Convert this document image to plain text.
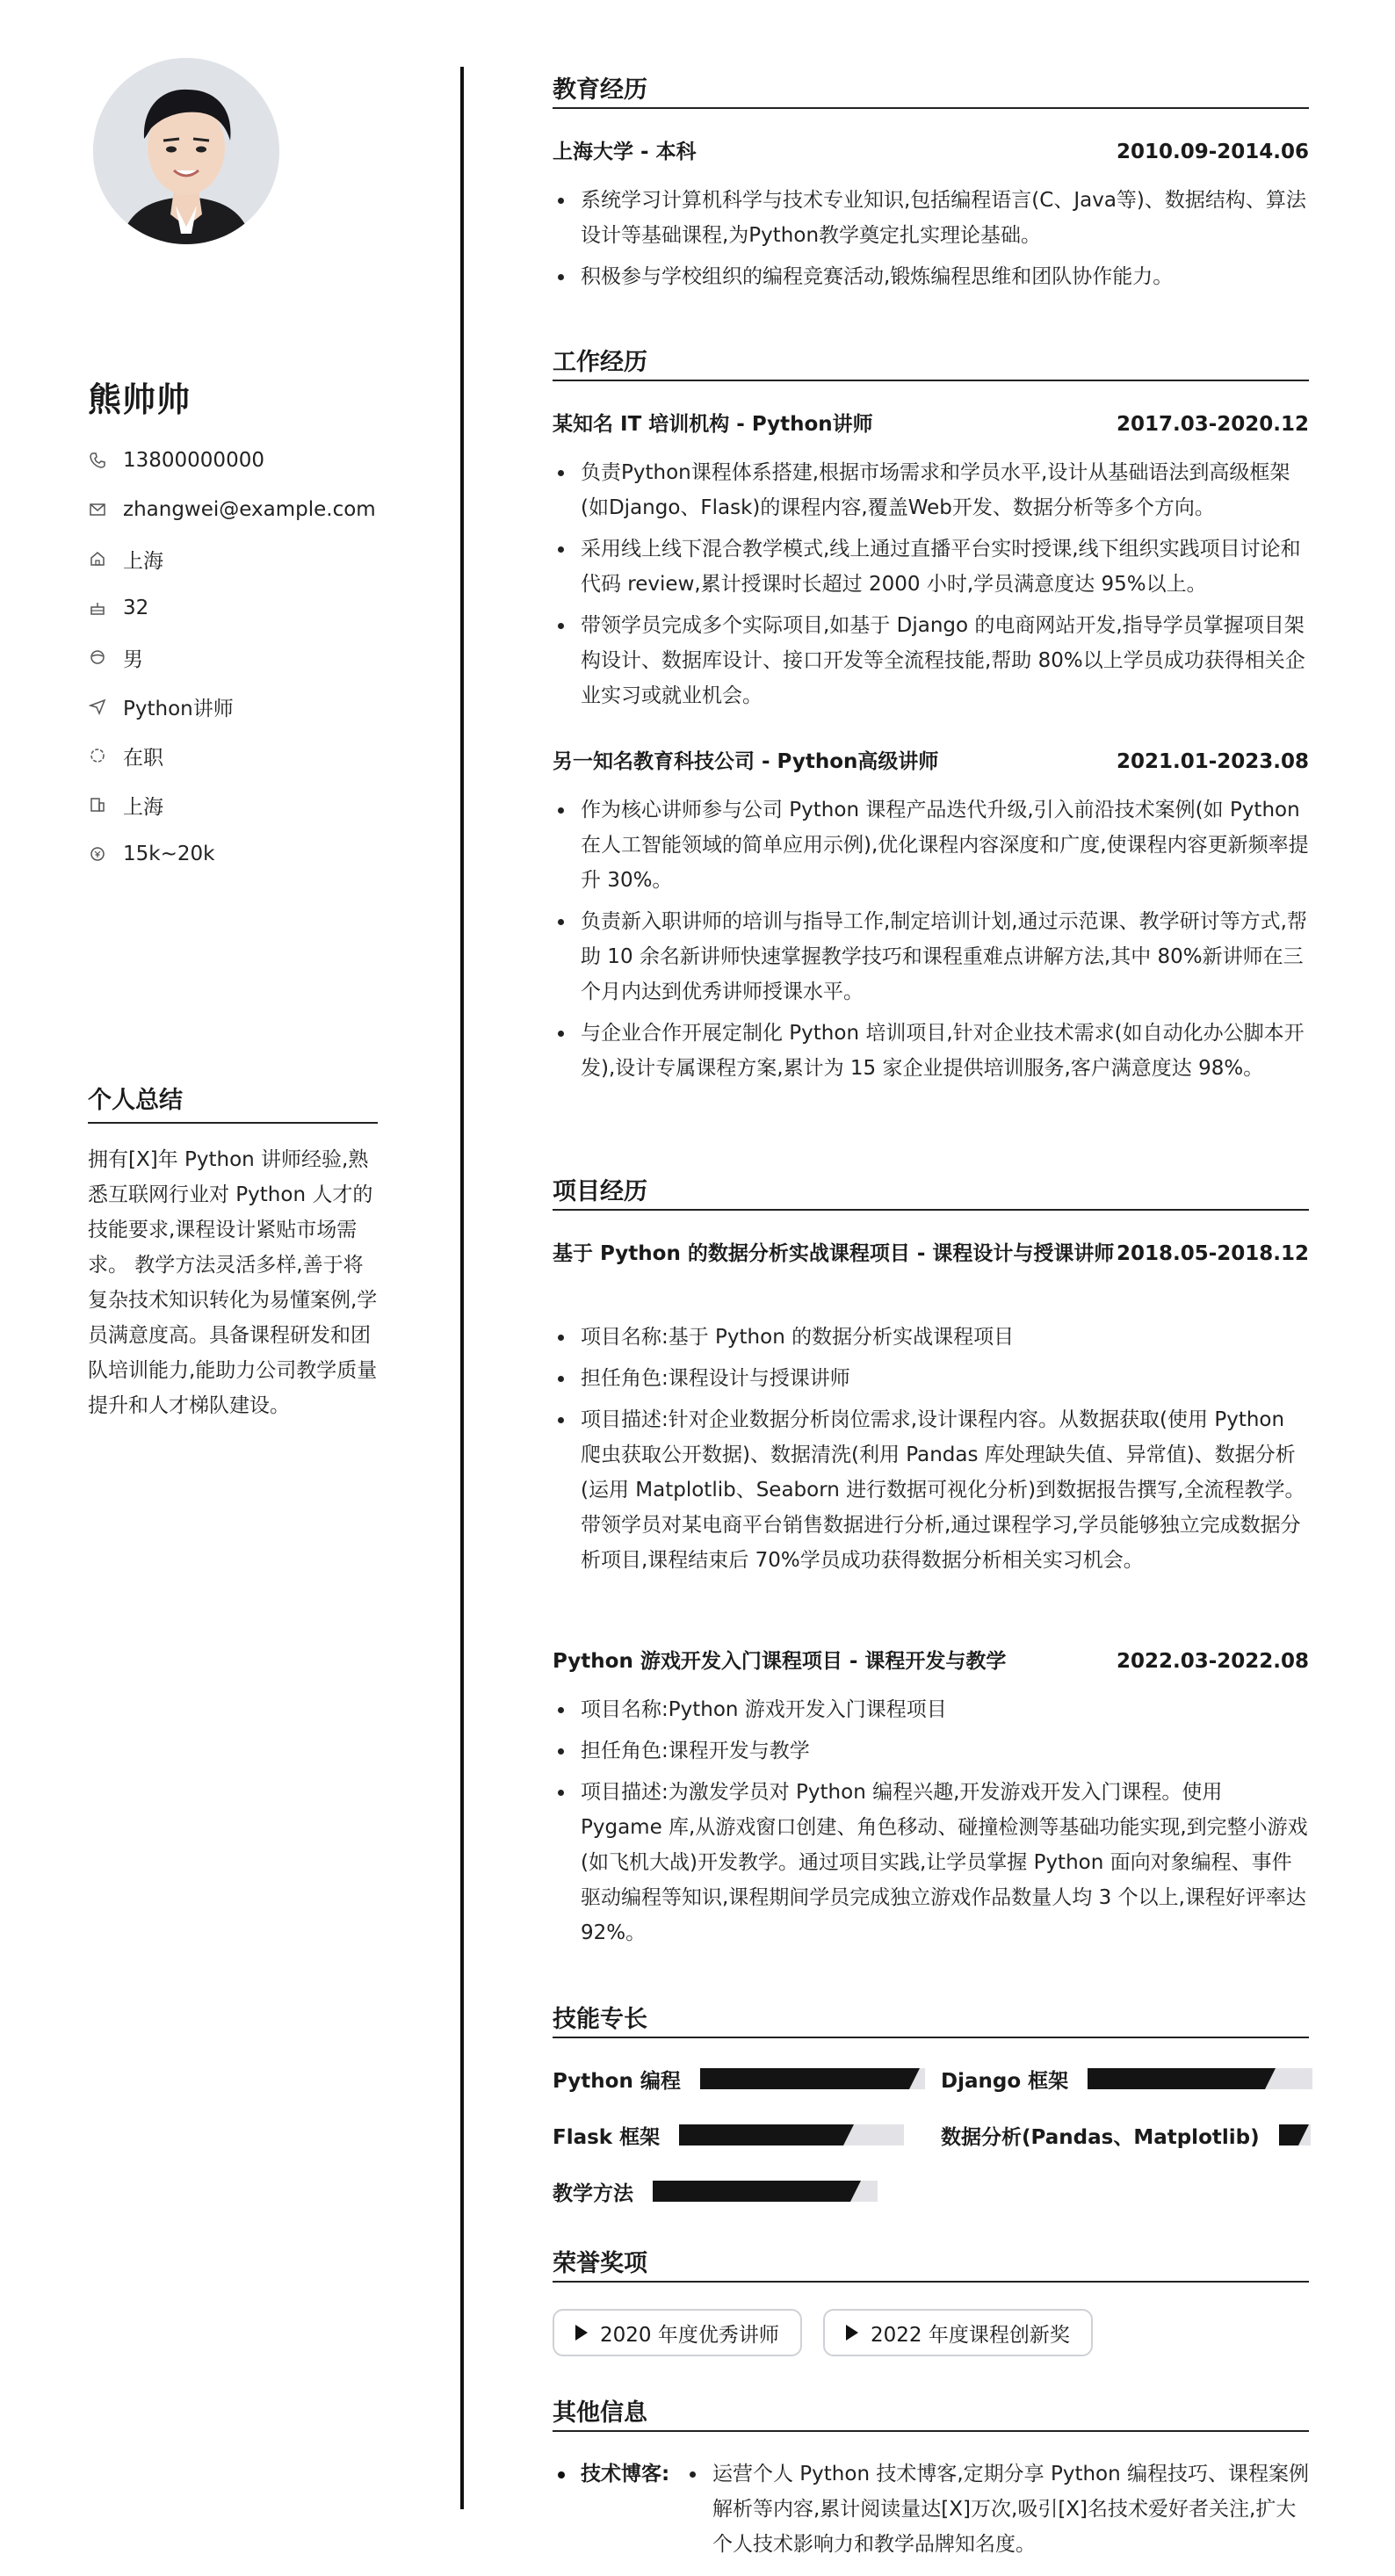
熊帅帅
13800000000
zhangwei@example.com
上海
32
男
Python讲师
在职
上海
15k~20k
个人总结
拥有[X]年 Python 讲师经验,熟悉互联网行业对 Python 人才的技能要求,课程设计紧贴市场需求。 教学方法灵活多样,善于将复杂技术知识转化为易懂案例,学员满意度高。具备课程研发和团队培训能力,能助力公司教学质量提升和人才梯队建设。
教育经历
上海大学 - 本科	2010.09-2014.06
系统学习计算机科学与技术专业知识,包括编程语言(C、Java等)、数据结构、算法设计等基础课程,为Python教学奠定扎实理论基础。
积极参与学校组织的编程竞赛活动,锻炼编程思维和团队协作能力。
工作经历
某知名 IT 培训机构 - Python讲师	2017.03-2020.12
负责Python课程体系搭建,根据市场需求和学员水平,设计从基础语法到高级框架(如Django、Flask)的课程内容,覆盖Web开发、数据分析等多个方向。
采用线上线下混合教学模式,线上通过直播平台实时授课,线下组织实践项目讨论和代码 review,累计授课时长超过 2000 小时,学员满意度达 95%以上。
带领学员完成多个实际项目,如基于 Django 的电商网站开发,指导学员掌握项目架构设计、数据库设计、接口开发等全流程技能,帮助 80%以上学员成功获得相关企业实习或就业机会。
另一知名教育科技公司 - Python高级讲师	2021.01-2023.08
作为核心讲师参与公司 Python 课程产品迭代升级,引入前沿技术案例(如 Python 在人工智能领域的简单应用示例),优化课程内容深度和广度,使课程内容更新频率提升 30%。
负责新入职讲师的培训与指导工作,制定培训计划,通过示范课、教学研讨等方式,帮助 10 余名新讲师快速掌握教学技巧和课程重难点讲解方法,其中 80%新讲师在三个月内达到优秀讲师授课水平。
与企业合作开展定制化 Python 培训项目,针对企业技术需求(如自动化办公脚本开发),设计专属课程方案,累计为 15 家企业提供培训服务,客户满意度达 98%。
项目经历
基于 Python 的数据分析实战课程项目 - 课程设计与授课讲师 2018.05-2018.12
项目名称:基于 Python 的数据分析实战课程项目
担任角色:课程设计与授课讲师
项目描述:针对企业数据分析岗位需求,设计课程内容。从数据获取(使用 Python 爬虫获取公开数据)、数据清洗(利用 Pandas 库处理缺失值、异常值)、数据分析(运用 Matplotlib、Seaborn 进行数据可视化分析)到数据报告撰写,全流程教学。带领学员对某电商平台销售数据进行分析,通过课程学习,学员能够独立完成数据分析项目,课程结束后 70%学员成功获得数据分析相关实习机会。
Python 游戏开发入门课程项目 - 课程开发与教学	2022.03-2022.08
项目名称:Python 游戏开发入门课程项目
担任角色:课程开发与教学
项目描述:为激发学员对 Python 编程兴趣,开发游戏开发入门课程。使用 Pygame 库,从游戏窗口创建、角色移动、碰撞检测等基础功能实现,到完整小游戏(如飞机大战)开发教学。通过项目实践,让学员掌握 Python 面向对象编程、事件驱动编程等知识,课程期间学员完成独立游戏作品数量人均 3 个以上,课程好评率达 92%。
技能专长
Python 编程	Django 框架
Flask 框架	数据分析(Pandas、Matplotlib)
教学方法
荣誉奖项
2020 年度优秀讲师	2022 年度课程创新奖
其他信息
技术博客:	运营个人 Python 技术博客,定期分享 Python 编程技巧、课程案例解析等内容,累计阅读量达[X]万次,吸引[X]名技术爱好者关注,扩大个人技术影响力和教学品牌知名度。
